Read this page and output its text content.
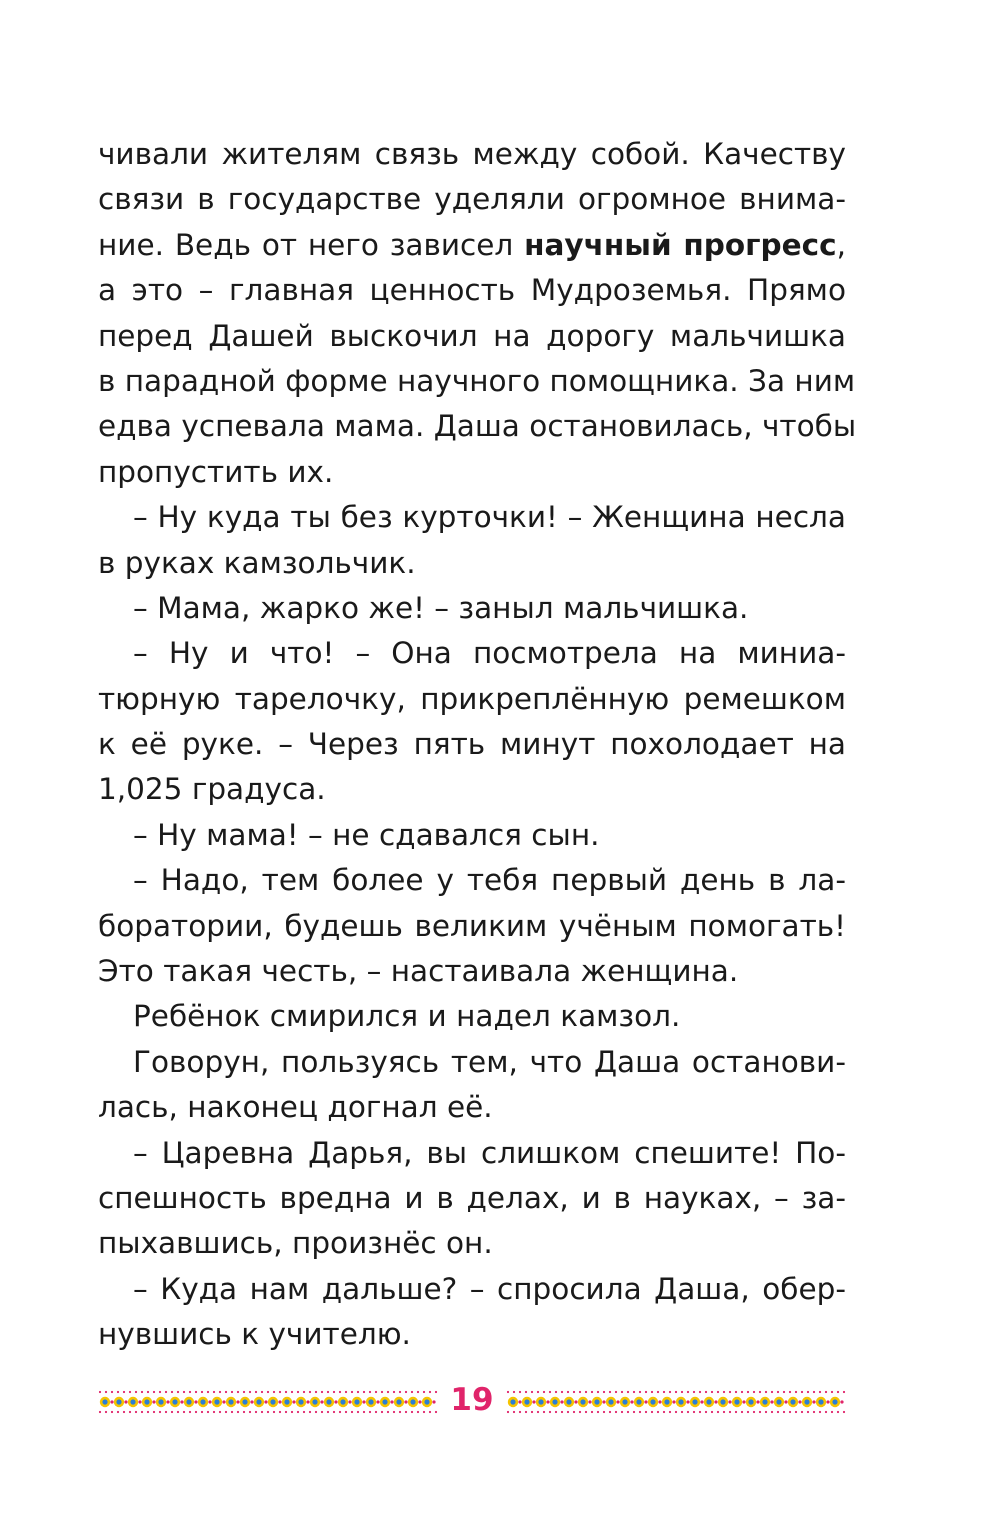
чивали жителям связь между собой. Качеству
связи в государстве уделяли огромное внима-
ние. Ведь от него зависел научный прогресс,
а это – главная ценность Мудроземья. Прямо
перед Дашей выскочил на дорогу мальчишка
в парадной форме научного помощника. За ним
едва успевала мама. Даша остановилась, чтобы
пропустить их.
– Ну куда ты без курточки! – Женщина несла
в руках камзольчик.
– Мама, жарко же! – заныл мальчишка.
– Ну и что! – Она посмотрела на миниа-
тюрную тарелочку, прикреплённую ремешком
к её руке. – Через пять минут похолодает на
1,025 градуса.
– Ну мама! – не сдавался сын.
– Надо, тем более у тебя первый день в ла-
боратории, будешь великим учёным помогать!
Это такая честь, – настаивала женщина.
Ребёнок смирился и надел камзол.
Говорун, пользуясь тем, что Даша останови-
лась, наконец догнал её.
– Царевна Дарья, вы слишком спешите! По-
спешность вредна и в делах, и в науках, – за-
пыхавшись, произнёс он.
– Куда нам дальше? – спросила Даша, обер-
нувшись к учителю.
19
